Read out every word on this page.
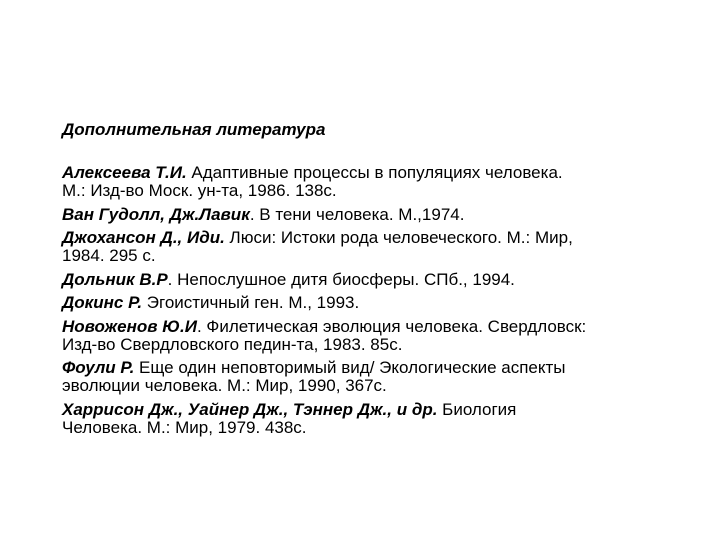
Дополнительная литература
Алексеева Т.И. Адаптивные процессы в популяциях человека.
М.: Изд-во Моск. ун-та, 1986. 138с.
Ван Гудолл, Дж.Лавик. В тени человека. М.,1974.
Джохансон Д., Иди. Люси: Истоки рода человеческого. М.: Мир,
1984. 295 с.
Дольник В.Р. Непослушное дитя биосферы. СПб., 1994.
Докинс Р. Эгоистичный ген. М., 1993.
Новоженов Ю.И. Филетическая эволюция человека. Свердловск:
Изд-во Свердловского педин-та, 1983. 85с.
Фоули Р. Еще один неповторимый вид/ Экологические аспекты
эволюции человека. М.: Мир, 1990, 367с.
Харрисон Дж., Уайнер Дж., Тэннер Дж., и др. Биология
Человека. М.: Мир, 1979. 438с.
